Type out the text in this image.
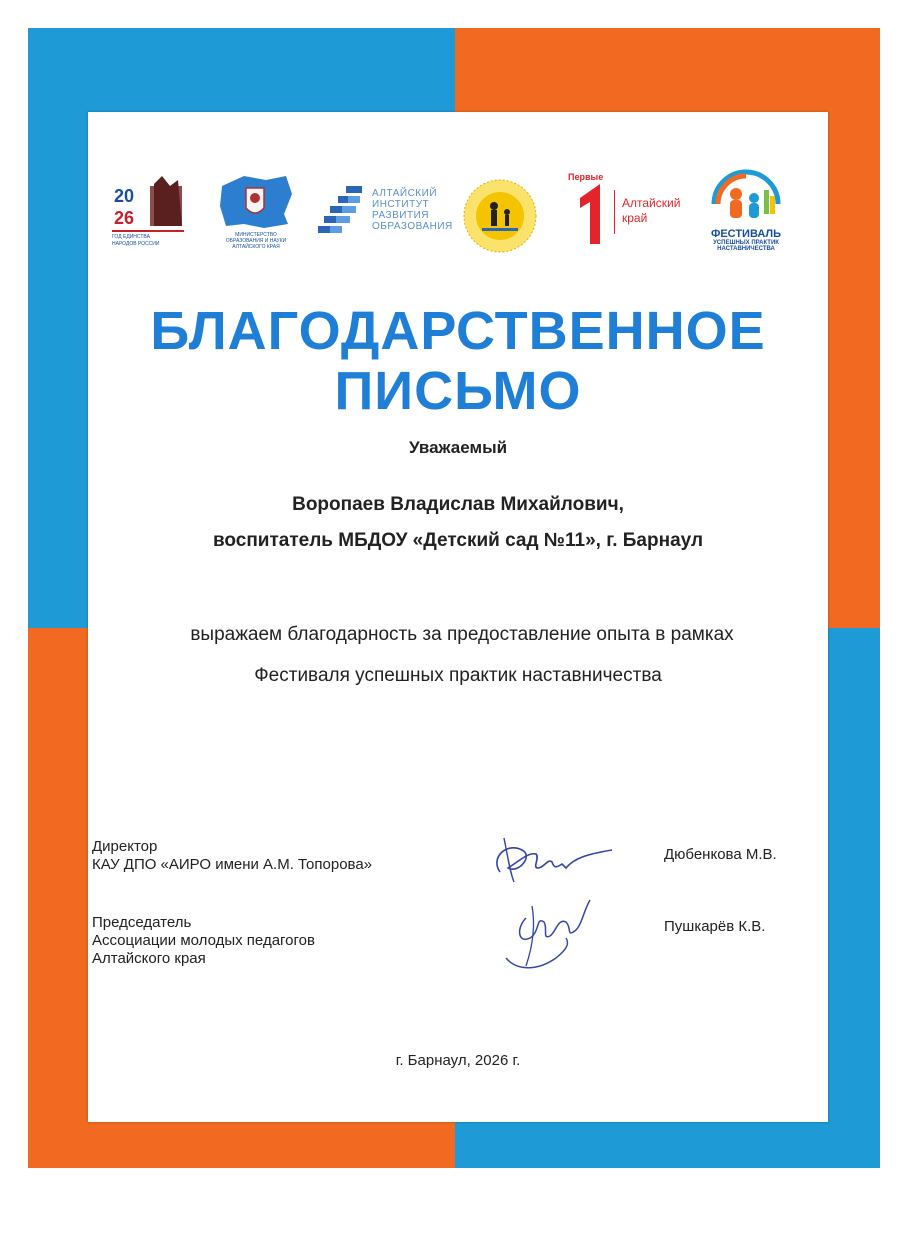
20
26
ГОД ЕДИНСТВА
НАРОДОВ РОССИИ
МИНИСТЕРСТВО
ОБРАЗОВАНИЯ И НАУКИ
АЛТАЙСКОГО КРАЯ
АЛТАЙСКИЙ
ИНСТИТУТ
РАЗВИТИЯ
ОБРАЗОВАНИЯ
Первые
Алтайский
край
ФЕСТИВАЛЬ
УСПЕШНЫХ ПРАКТИК
НАСТАВНИЧЕСТВА
БЛАГОДАРСТВЕННОЕ
ПИСЬМО
Уважаемый
Воропаев Владислав Михайлович,
воспитатель МБДОУ «Детский сад №11», г. Барнаул
выражаем благодарность за предоставление опыта в рамках
Фестиваля успешных практик наставничества
Директор
КАУ ДПО «АИРО имени А.М. Топорова»
Дюбенкова М.В.
Председатель
Ассоциации молодых педагогов
Алтайского края
Пушкарёв К.В.
г. Барнаул, 2026 г.
